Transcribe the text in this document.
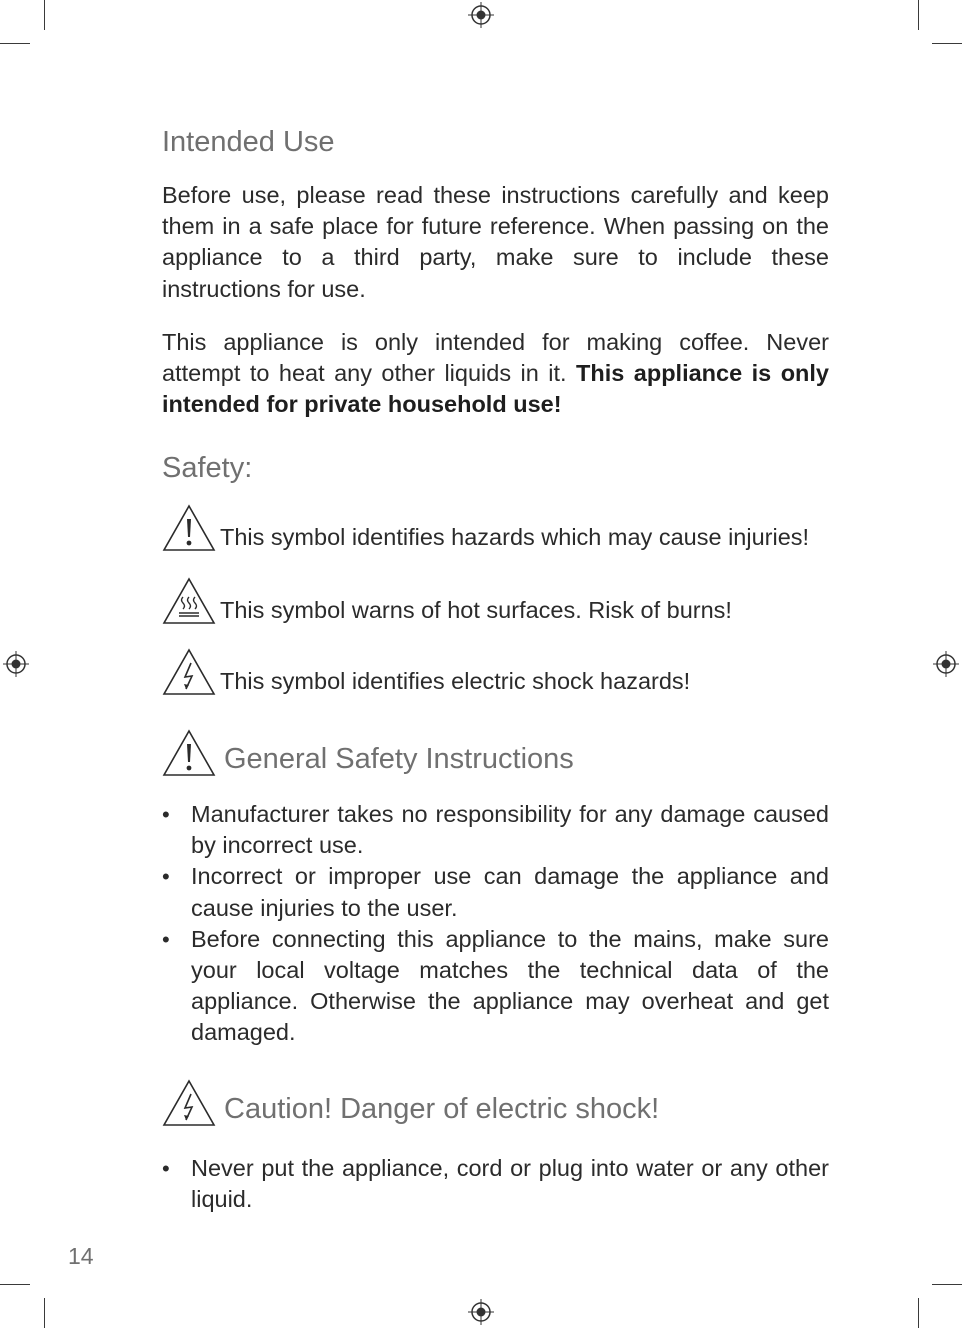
Intended Use

Before use, please read these instructions carefully and keep them in a safe place for future reference. When passing on the appliance to a third party, make sure to include these instructions for use.

This appliance is only intended for making coffee. Never attempt to heat any other liquids in it. This appliance is only intended for private household use!

Safety:
This symbol identifies hazards which may cause injuries!
This symbol warns of hot surfaces. Risk of burns!
This symbol identifies electric shock hazards!
General Safety Instructions
• Manufacturer takes no responsibility for any damage caused by incorrect use.
• Incorrect or improper use can damage the appliance and cause injuries to the user.
• Before connecting this appliance to the mains, make sure your local voltage matches the technical data of the appliance. Otherwise the appliance may overheat and get damaged.
Caution! Danger of electric shock!
• Never put the appliance, cord or plug into water or any other liquid.
14
